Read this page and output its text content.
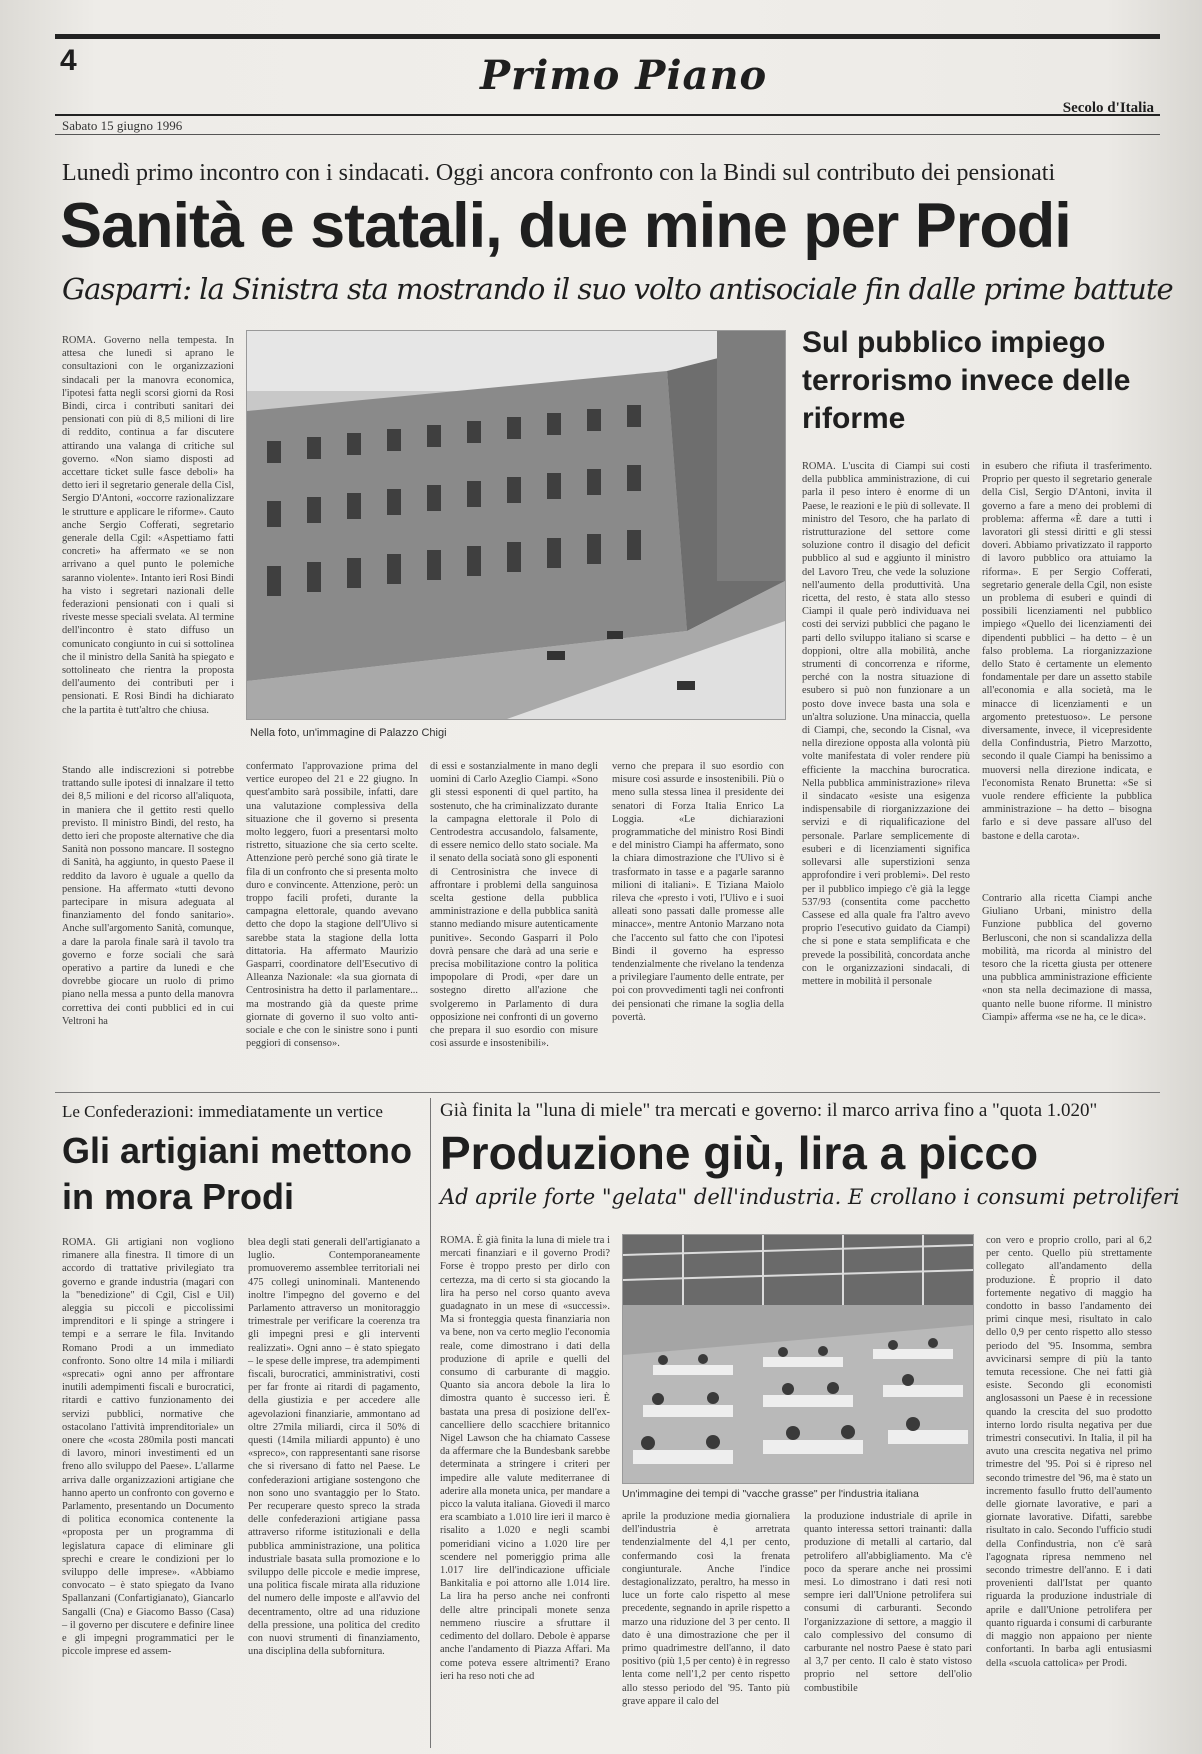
4	Primo Piano
Sabato 15 giugno 1996
Secolo d'Italia
Lunedì primo incontro con i sindacati. Oggi ancora confronto con la Bindi sul contributo dei pensionati
Sanità e statali, due mine per Prodi
Gasparri: la Sinistra sta mostrando il suo volto antisociale fin dalle prime battute
ROMA. Governo nella tempesta. In attesa che lunedì si aprano le consultazioni con le organizzazioni sindacali per la manovra economica, l'ipotesi fatta negli scorsi giorni da Rosi Bindi, circa i contributi sanitari dei pensionati con più di 8,5 milioni di lire di reddito, continua a far discutere attirando una valanga di critiche sul governo. «Non siamo disposti ad accettare ticket sulle fasce deboli» ha detto ieri il segretario generale della Cisl, Sergio D'Antoni, «occorre razionalizzare le strutture e applicare le riforme». Cauto anche Sergio Cofferati, segretario generale della Cgil: «Aspettiamo fatti concreti» ha affermato «e se non arrivano a quel punto le polemiche saranno violente». Intanto ieri Rosi Bindi ha visto i segretari nazionali delle federazioni pensionati con i quali si riveste messe speciali svelata. Al termine dell'incontro è stato diffuso un comunicato congiunto in cui si sottolinea che il ministro della Sanità ha spiegato e sottolineato che rientra la proposta dell'aumento dei contributi per i pensionati. E Rosi Bindi ha dichiarato che la partita è tutt'altro che chiusa.
Stando alle indiscrezioni si potrebbe trattando sulle ipotesi di innalzare il tetto dei 8,5 milioni e del ricorso all'aliquota, in maniera che il gettito resti quello previsto. Il ministro Bindi, del resto, ha detto ieri che proposte alternative che dia Sanità non possono mancare. Il sostegno di Sanità, ha aggiunto, in questo Paese il reddito da lavoro è uguale a quello da pensione. Ha affermato «tutti devono partecipare in misura adeguata al finanziamento del fondo sanitario». Anche sull'argomento Sanità, comunque, a dare la parola finale sarà il tavolo tra governo e forze sociali che sarà operativo a partire da lunedì e che dovrebbe giocare un ruolo di primo piano nella messa a punto della manovra correttiva dei conti pubblici ed in cui Veltroni ha
Nella foto, un'immagine di Palazzo Chigi
confermato l'approvazione prima del vertice europeo del 21 e 22 giugno. In quest'ambito sarà possibile, infatti, dare una valutazione complessiva della situazione che il governo si presenta molto leggero, fuori a presentarsi molto ristretto, situazione che sia certo scelte. Attenzione però perché sono già tirate le fila di un confronto che si presenta molto duro e convincente. Attenzione, però: un troppo facili profeti, durante la campagna elettorale, quando avevano detto che dopo la stagione dell'Ulivo si sarebbe stata la stagione della lotta dittatoria. Ha affermato Maurizio Gasparri, coordinatore dell'Esecutivo di Alleanza Nazionale: «la sua giornata di Centrosinistra ha detto il parlamentare... ma mostrando già da queste prime giornate di governo il suo volto anti-sociale e che con le sinistre sono i punti peggiori di consenso».
di essi e sostanzialmente in mano degli uomini di Carlo Azeglio Ciampi. «Sono gli stessi esponenti di quel partito, ha sostenuto, che ha criminalizzato durante la campagna elettorale il Polo di Centrodestra accusandolo, falsamente, di essere nemico dello stato sociale. Ma il senato della sociatà sono gli esponenti di Centrosinistra che invece di affrontare i problemi della sanguinosa scelta gestione della pubblica amministrazione e della pubblica sanità stanno mediando misure autenticamente punitive». Secondo Gasparri il Polo dovrà pensare che darà ad una serie e precisa mobilitazione contro la politica impopolare di Prodi, «per dare un sostegno diretto all'azione che svolgeremo in Parlamento di dura opposizione nei confronti di un governo che prepara il suo esordio con misure così assurde e insostenibili».
verno che prepara il suo esordio con misure così assurde e insostenibili. Più o meno sulla stessa linea il presidente dei senatori di Forza Italia Enrico La Loggia. «Le dichiarazioni programmatiche del ministro Rosi Bindi e del ministro Ciampi ha affermato, sono la chiara dimostrazione che l'Ulivo si è trasformato in tasse e a pagarle saranno milioni di italiani». E Tiziana Maiolo rileva che «presto i voti, l'Ulivo e i suoi alleati sono passati dalle promesse alle minacce», mentre Antonio Marzano nota che l'accento sul fatto che con l'ipotesi Bindi il governo ha espresso tendenzialmente che rivelano la tendenza a privilegiare l'aumento delle entrate, per poi con provvedimenti tagli nei confronti dei pensionati che rimane la soglia della povertà.
Sul pubblico impiego terrorismo invece delle riforme
ROMA. L'uscita di Ciampi sui costi della pubblica amministrazione, di cui parla il peso intero è enorme di un Paese, le reazioni e le più di sollevate. Il ministro del Tesoro, che ha parlato di ristrutturazione del settore come soluzione contro il disagio del deficit pubblico al sud e aggiunto il ministro del Lavoro Treu, che vede la soluzione nell'aumento della produttività. Una ricetta, del resto, è stata allo stesso Ciampi il quale però individuava nei costi dei servizi pubblici che pagano le parti dello sviluppo italiano si scarse e doppioni, oltre alla mobilità, anche strumenti di concorrenza e riforme, perché con la nostra situazione di esubero si può non funzionare a un posto dove invece basta una sola e un'altra soluzione. Una minaccia, quella di Ciampi, che, secondo la Cisnal, «va nella direzione opposta alla volontà più volte manifestata di voler rendere più efficiente la macchina burocratica. Nella pubblica amministrazione» rileva il sindacato «esiste una esigenza indispensabile di riorganizzazione dei servizi e di riqualificazione del personale. Parlare semplicemente di esuberi e di licenziamenti significa sollevarsi alle superstizioni senza approfondire i veri problemi». Del resto per il pubblico impiego c'è già la legge 537/93 (consentita come pacchetto Cassese ed alla quale fra l'altro avevo proprio l'esecutivo guidato da Ciampi) che si pone e stata semplificata e che prevede la possibilità, concordata anche con le organizzazioni sindacali, di mettere in mobilità il personale
in esubero che rifiuta il trasferimento. Proprio per questo il segretario generale della Cisl, Sergio D'Antoni, invita il governo a fare a meno dei problemi di problema: afferma «È dare a tutti i lavoratori gli stessi diritti e gli stessi doveri. Abbiamo privatizzato il rapporto di lavoro pubblico ora attuiamo la riforma». E per Sergio Cofferati, segretario generale della Cgil, non esiste un problema di esuberi e quindi di possibili licenziamenti nel pubblico impiego «Quello dei licenziamenti dei dipendenti pubblici – ha detto – è un falso problema. La riorganizzazione dello Stato è certamente un elemento fondamentale per dare un assetto stabile all'economia e alla società, ma le minacce di licenziamenti e un argomento pretestuoso». Le persone diversamente, invece, il vicepresidente della Confindustria, Pietro Marzotto, secondo il quale Ciampi ha benissimo a muoversi nella direzione indicata, e l'economista Renato Brunetta: «Se si vuole rendere efficiente la pubblica amministrazione – ha detto – bisogna farlo e si deve passare all'uso del bastone e della carota».
Contrario alla ricetta Ciampi anche Giuliano Urbani, ministro della Funzione pubblica del governo Berlusconi, che non si scandalizza della mobilità, ma ricorda al ministro del tesoro che la ricetta giusta per ottenere una pubblica amministrazione efficiente «non sta nella decimazione di massa, quanto nelle buone riforme. Il ministro Ciampi» afferma «se ne ha, ce le dica».
Le Confederazioni: immediatamente un vertice
Gli artigiani mettono in mora Prodi
ROMA. Gli artigiani non vogliono rimanere alla finestra. Il timore di un accordo di trattative privilegiato tra governo e grande industria (magari con la "benedizione" di Cgil, Cisl e Uil) aleggia su piccoli e piccolissimi imprenditori e li spinge a stringere i tempi e a serrare le fila. Invitando Romano Prodi a un immediato confronto. Sono oltre 14 mila i miliardi «sprecati» ogni anno per affrontare inutili adempimenti fiscali e burocratici, ritardi e cattivo funzionamento dei servizi pubblici, normative che ostacolano l'attività imprenditoriale» un onere che «costa 280mila posti mancati di lavoro, minori investimenti ed un freno allo sviluppo del Paese». L'allarme arriva dalle organizzazioni artigiane che hanno aperto un confronto con governo e Parlamento, presentando un Documento di politica economica contenente la «proposta per un programma di legislatura capace di eliminare gli sprechi e creare le condizioni per lo sviluppo delle imprese». «Abbiamo convocato – è stato spiegato da Ivano Spallanzani (Confartigianato), Giancarlo Sangalli (Cna) e Giacomo Basso (Casa) – il governo per discutere e definire linee e gli impegni programmatici per le piccole imprese ed assem-
blea degli stati generali dell'artigianato a luglio. Contemporaneamente promuoveremo assemblee territoriali nei 475 collegi uninominali. Mantenendo inoltre l'impegno del governo e del Parlamento attraverso un monitoraggio trimestrale per verificare la coerenza tra gli impegni presi e gli interventi realizzati». Ogni anno – è stato spiegato – le spese delle imprese, tra adempimenti fiscali, burocratici, amministrativi, costi per far fronte ai ritardi di pagamento, della giustizia e per accedere alle agevolazioni finanziarie, ammontano ad oltre 27mila miliardi, circa il 50% di questi (14mila miliardi appunto) è uno «spreco», con rappresentanti sane risorse che si riversano di fatto nel Paese. Le confederazioni artigiane sostengono che non sono uno svantaggio per lo Stato. Per recuperare questo spreco la strada delle confederazioni artigiane passa attraverso riforme istituzionali e della pubblica amministrazione, una politica industriale basata sulla promozione e lo sviluppo delle piccole e medie imprese, una politica fiscale mirata alla riduzione del numero delle imposte e all'avvio del decentramento, oltre ad una riduzione della pressione, una politica del credito con nuovi strumenti di finanziamento, una disciplina della subfornitura.
Già finita la "luna di miele" tra mercati e governo: il marco arriva fino a "quota 1.020"
Produzione giù, lira a picco
Ad aprile forte "gelata" dell'industria. E crollano i consumi petroliferi
ROMA. È già finita la luna di miele tra i mercati finanziari e il governo Prodi? Forse è troppo presto per dirlo con certezza, ma di certo si sta giocando la lira ha perso nel corso quanto aveva guadagnato in un mese di «successi». Ma si fronteggia questa finanziaria non va bene, non va certo meglio l'economia reale, come dimostrano i dati della produzione di aprile e quelli del consumo di carburante di maggio. Quanto sia ancora debole la lira lo dimostra quanto è successo ieri. È bastata una presa di posizione dell'ex-cancelliere dello scacchiere britannico Nigel Lawson che ha chiamato Cassese da affermare che la Bundesbank sarebbe determinata a stringere i criteri per impedire alle valute mediterranee di aderire alla moneta unica, per mandare a picco la valuta italiana. Giovedì il marco era scambiato a 1.010 lire ieri il marco è risalito a 1.020 e negli scambi pomeridiani vicino a 1.020 lire per scendere nel pomeriggio prima alle 1.017 lire dell'indicazione ufficiale Bankitalia e poi attorno alle 1.014 lire. La lira ha perso anche nei confronti delle altre principali monete senza nemmeno riuscire a sfruttare il cedimento del dollaro. Debole è apparse anche l'andamento di Piazza Affari. Ma come poteva essere altrimenti? Erano ieri ha reso noti che ad
Un'immagine dei tempi di "vacche grasse" per l'industria italiana
aprile la produzione media giornaliera dell'industria è arretrata tendenzialmente del 4,1 per cento, confermando così la frenata congiunturale. Anche l'indice destagionalizzato, peraltro, ha messo in luce un forte calo rispetto al mese precedente, segnando in aprile rispetto a marzo una riduzione del 3 per cento. Il dato è una dimostrazione che per il primo quadrimestre dell'anno, il dato positivo (più 1,5 per cento) è in regresso lenta come nell'1,2 per cento rispetto allo stesso periodo del '95. Tanto più grave appare il calo del
la produzione industriale di aprile in quanto interessa settori trainanti: dalla produzione di metalli al cartario, dal petrolifero all'abbigliamento. Ma c'è poco da sperare anche nei prossimi mesi. Lo dimostrano i dati resi noti sempre ieri dall'Unione petrolifera sui consumi di carburanti. Secondo l'organizzazione di settore, a maggio il calo complessivo del consumo di carburante nel nostro Paese è stato pari al 3,7 per cento. Il calo è stato vistoso proprio nel settore dell'olio combustibile
con vero e proprio crollo, pari al 6,2 per cento. Quello più strettamente collegato all'andamento della produzione. È proprio il dato fortemente negativo di maggio ha condotto in basso l'andamento dei primi cinque mesi, risultato in calo dello 0,9 per cento rispetto allo stesso periodo del '95. Insomma, sembra avvicinarsi sempre di più la tanto temuta recessione. Che nei fatti già esiste. Secondo gli economisti anglosassoni un Paese è in recessione quando la crescita del suo prodotto interno lordo risulta negativa per due trimestri consecutivi. In Italia, il pil ha avuto una crescita negativa nel primo trimestre del '95. Poi si è ripreso nel secondo trimestre del '96, ma è stato un incremento fasullo frutto dell'aumento delle giornate lavorative, e pari a giornate lavorative. Difatti, sarebbe risultato in calo. Secondo l'ufficio studi della Confindustria, non c'è sarà l'agognata ripresa nemmeno nel secondo trimestre dell'anno. E i dati provenienti dall'Istat per quanto riguarda la produzione industriale di aprile e dall'Unione petrolifera per quanto riguarda i consumi di carburante di maggio non appaiono per niente confortanti. In barba agli entusiasmi della «scuola cattolica» per Prodi.
